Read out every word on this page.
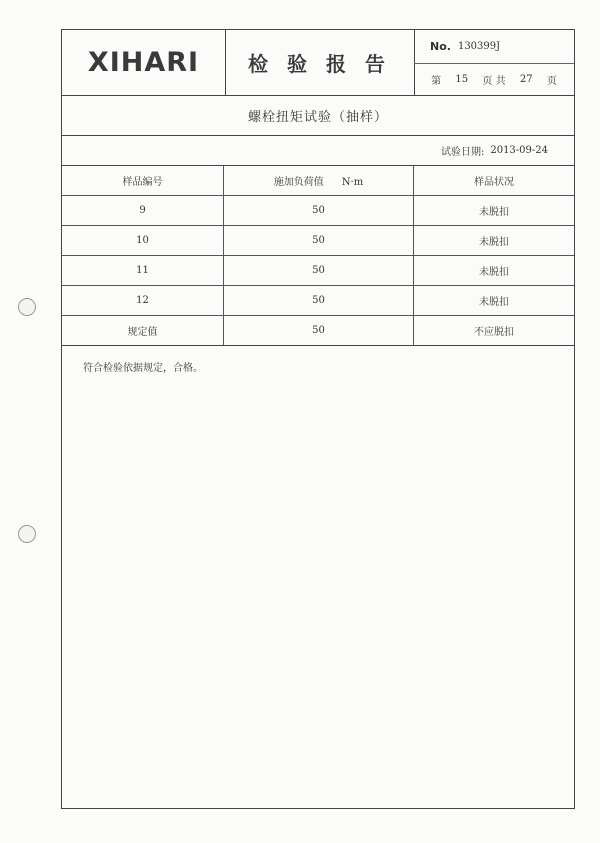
XIHARI	检 验 报 告
No. 130399J
第 15 页 共 27 页
螺栓扭矩试验（抽样）
试验日期: 2013-09-24
样品编号	施加负荷值 N·m	样品状况
9	50	未脱扣
10	50	未脱扣
11	50	未脱扣
12	50	未脱扣
规定值	50	不应脱扣
符合检验依据规定，合格。
